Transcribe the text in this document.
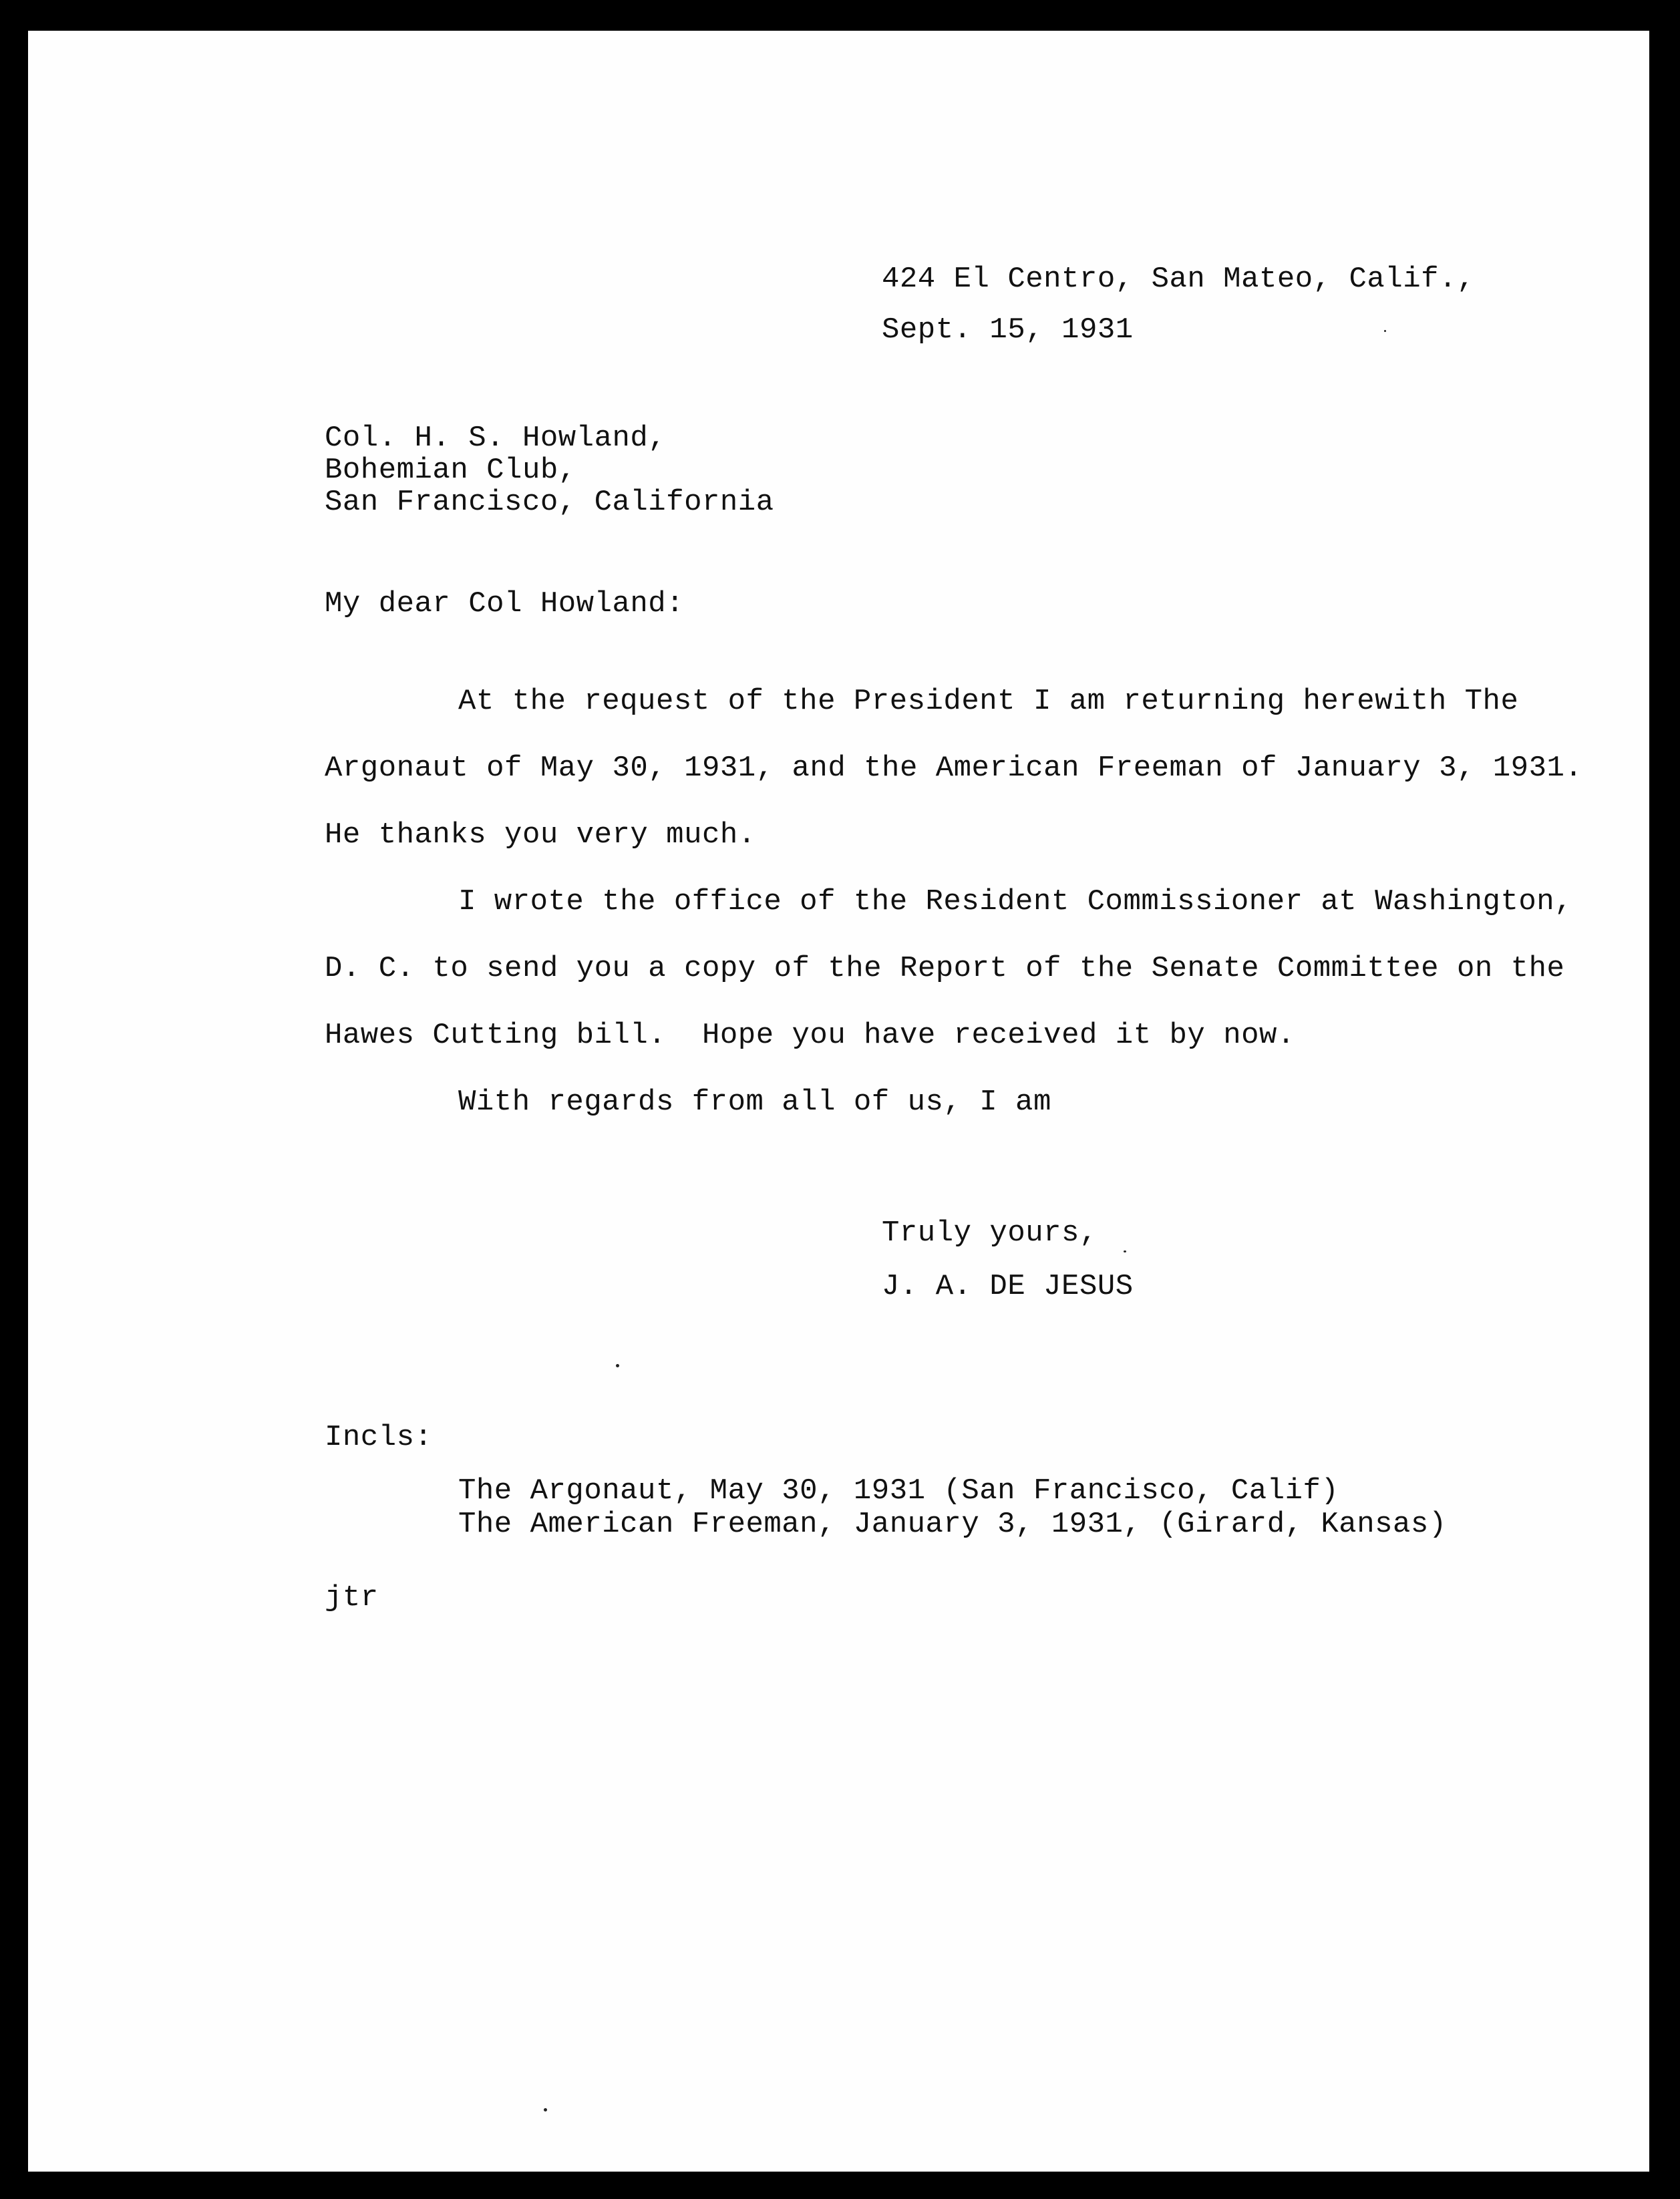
424 El Centro, San Mateo, Calif.,
Sept. 15, 1931
Col. H. S. Howland,
Bohemian Club,
San Francisco, California
My dear Col Howland:
At the request of the President I am returning herewith The
Argonaut of May 30, 1931, and the American Freeman of January 3, 1931.
He thanks you very much.
I wrote the office of the Resident Commissioner at Washington,
D. C. to send you a copy of the Report of the Senate Committee on the
Hawes Cutting bill.  Hope you have received it by now.
With regards from all of us, I am
Truly yours,
J. A. DE JESUS
Incls:
The Argonaut, May 30, 1931 (San Francisco, Calif)
The American Freeman, January 3, 1931, (Girard, Kansas)
jtr
